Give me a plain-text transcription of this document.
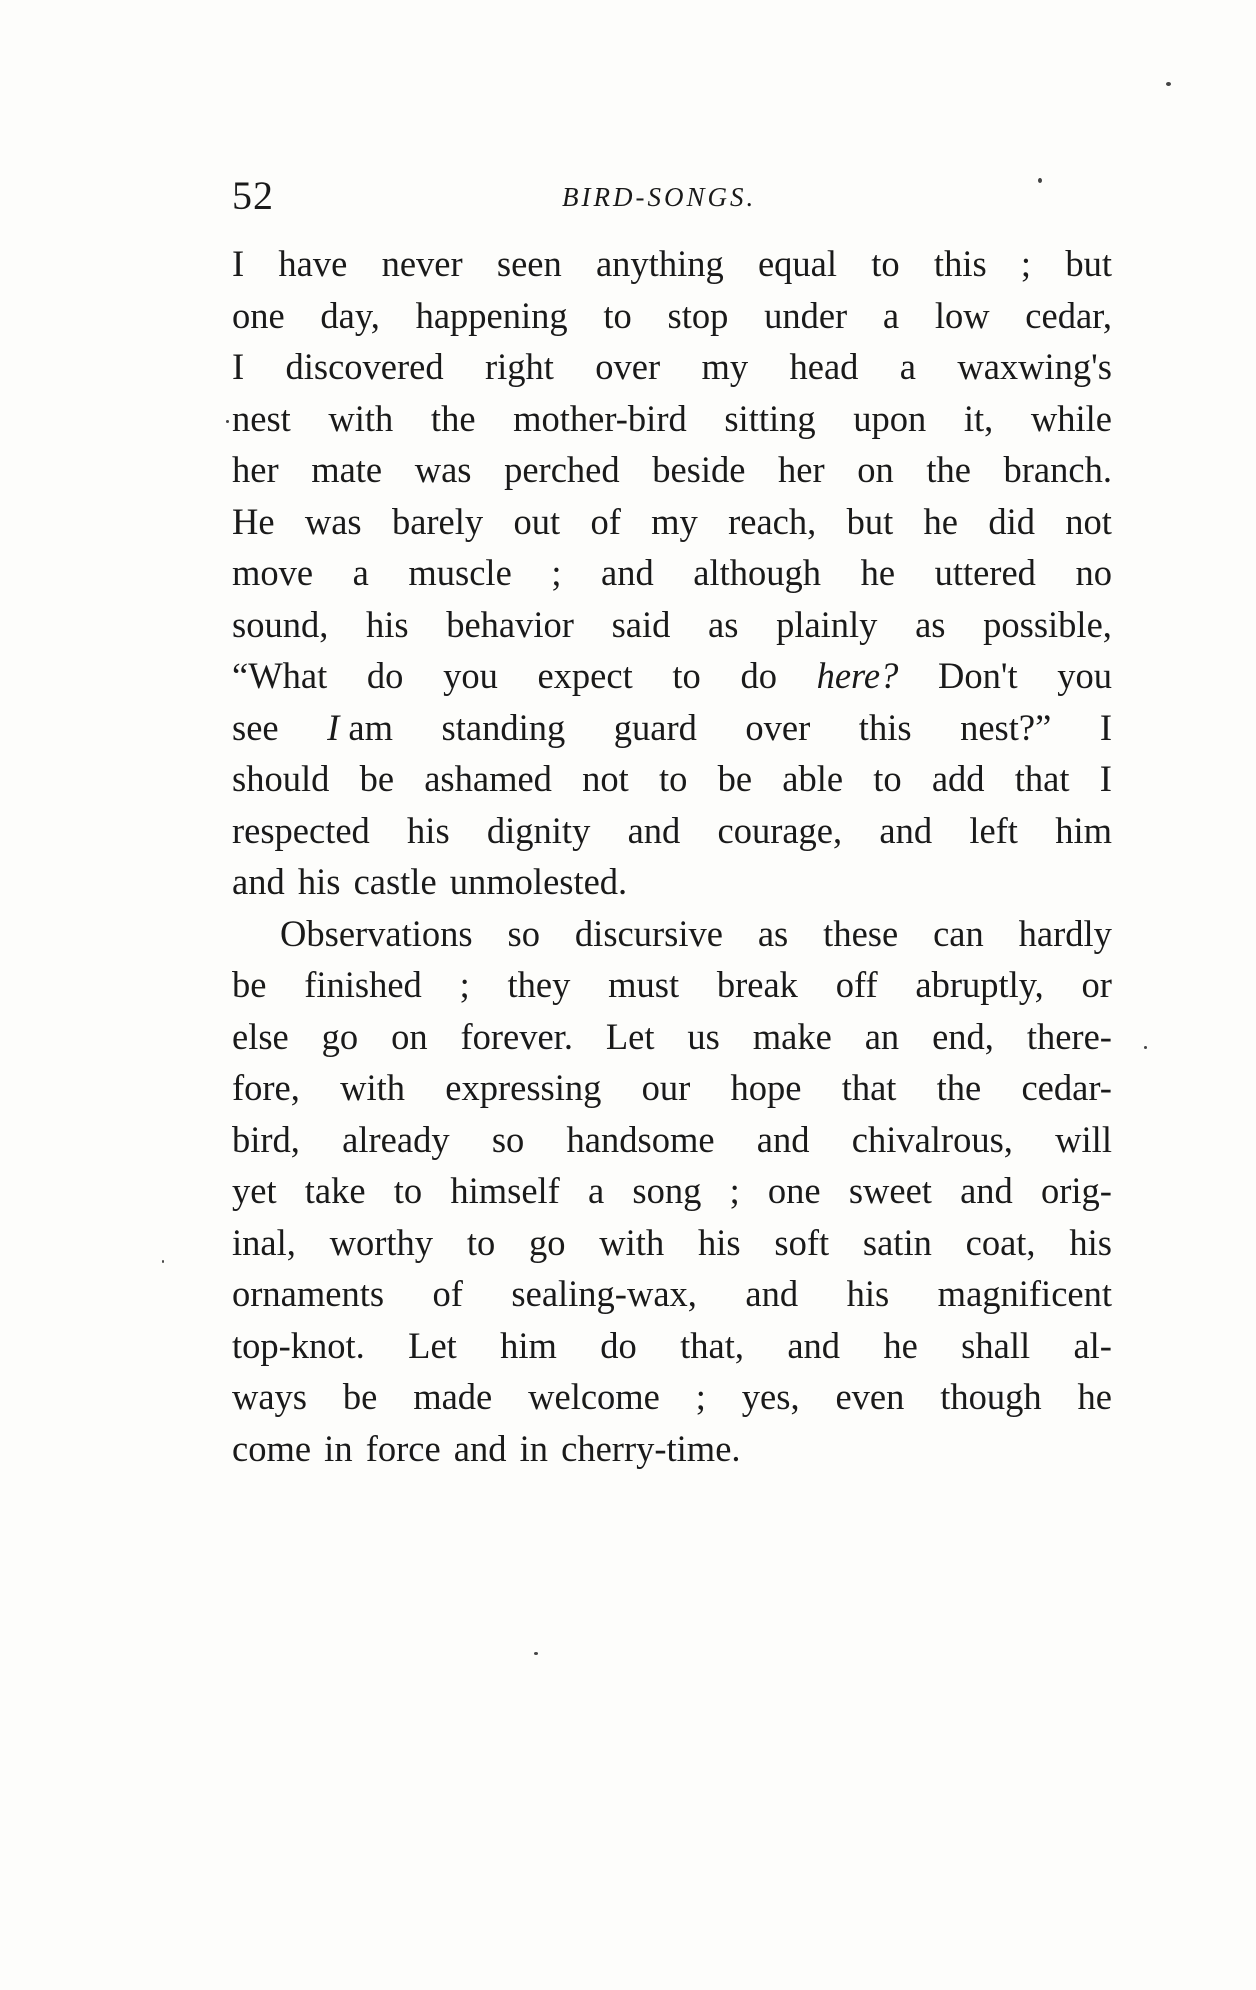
52	BIRD-SONGS.
I have never seen anything equal to this ; but
one day, happening to stop under a low cedar,
I discovered right over my head a waxwing's
nest with the mother-bird sitting upon it, while
her mate was perched beside her on the branch.
He was barely out of my reach, but he did not
move a muscle ; and although he uttered no
sound, his behavior said as plainly as possible,
“What do you expect to do here? Don't you
see I am standing guard over this nest?” I
should be ashamed not to be able to add that I
respected his dignity and courage, and left him
and
his
castle
unmolested.
Observations so discursive as these can hardly
be finished ; they must break off abruptly, or
else go on forever. Let us make an end, there-
fore, with expressing our hope that the cedar-
bird, already so handsome and chivalrous, will
yet take to himself a song ; one sweet and orig-
inal, worthy to go with his soft satin coat, his
ornaments of sealing-wax, and his magnificent
top-knot. Let him do that, and he shall al-
ways be made welcome ; yes, even though he
come
in
force
and
in
cherry-time.
